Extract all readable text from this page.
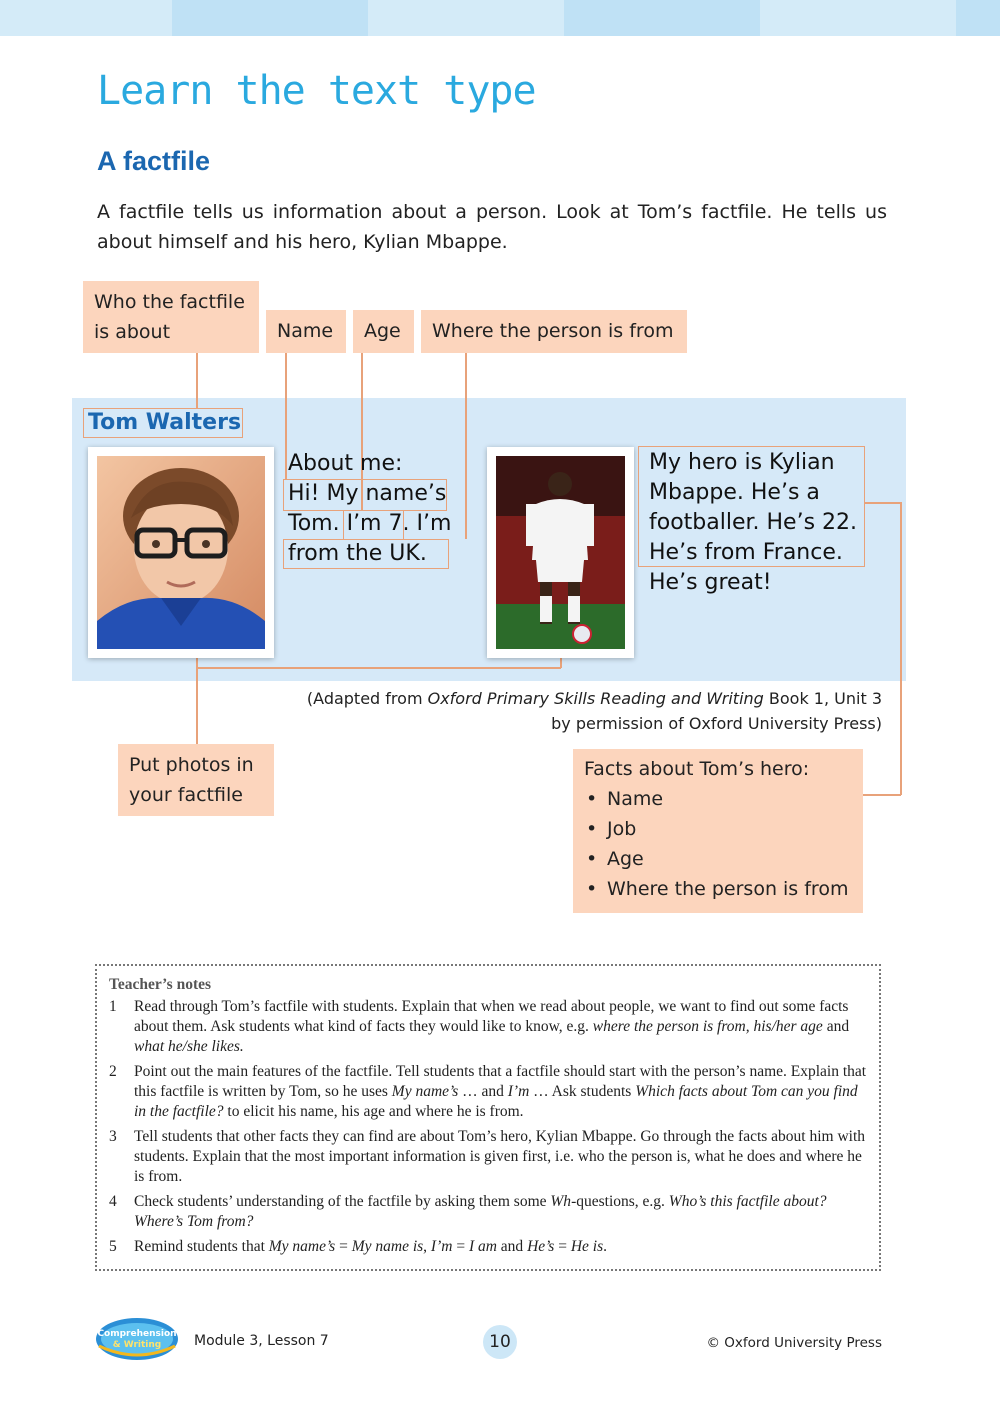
Learn the text type
A factfile
A factfile tells us information about a person. Look at Tom’s factfile. He tells us about himself and his hero, Kylian Mbappe.
Who the factfile is about	Name	Age	Where the person is from
Tom Walters
About me:
Hi! My name’s
Tom. I’m 7. I’m
from the UK.
My hero is Kylian Mbappe. He’s a footballer. He’s 22. He’s from France. He’s great!
(Adapted from Oxford Primary Skills Reading and Writing Book 1, Unit 3
by permission of Oxford University Press)
Put photos in your factfile
Facts about Tom’s hero:
• Name
• Job
• Age
• Where the person is from
Teacher’s notes
1	Read through Tom’s factfile with students. Explain that when we read about people, we want to find out some facts about them. Ask students what kind of facts they would like to know, e.g. where the person is from, his/her age and what he/she likes.
2	Point out the main features of the factfile. Tell students that a factfile should start with the person’s name. Explain that this factfile is written by Tom, so he uses My name’s … and I’m … Ask students Which facts about Tom can you find in the factfile? to elicit his name, his age and where he is from.
3	Tell students that other facts they can find are about Tom’s hero, Kylian Mbappe. Go through the facts about him with students. Explain that the most important information is given first, i.e. who the person is, what he does and where he is from.
4	Check students’ understanding of the factfile by asking them some Wh-questions, e.g. Who’s this factfile about? Where’s Tom from?
5	Remind students that My name’s = My name is, I’m = I am and He’s = He is.
Comprehension
& Writing Module 3, Lesson 7	10	© Oxford University Press
